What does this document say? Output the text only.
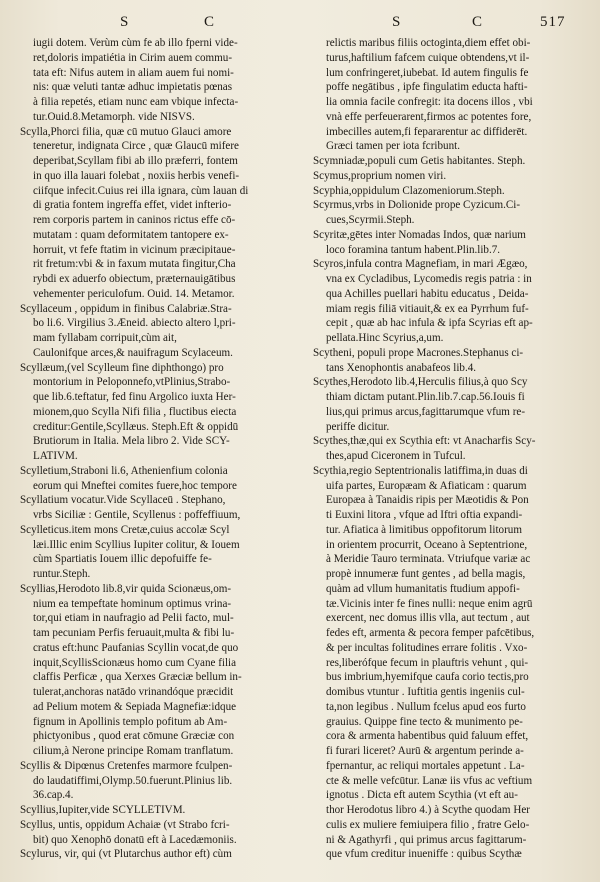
S	C	S	C	517
iugii dotem. Verùm cùm fe ab illo fperni vide-
ret,doloris impatiétia in Cirim auem commu-
tata eft: Nifus autem in aliam auem fui nomi-
nis: quæ veluti tantæ adhuc impietatis pœnas
à filia repetés, etiam nunc eam vbique infecta-
tur.Ouid.8.Metamorph. vide NISVS.
Scylla,Phorci filia, quæ cū mutuo Glauci amore
teneretur, indignata Circe , quæ Glaucū mifere
deperibat,Scyllam fibi ab illo præferri, fontem
in quo illa lauari folebat , noxiis herbis venefi-
ciifque infecit.Cuius rei illa ignara, cùm lauan di
di gratia fontem ingreffa effet, videt infterio-
rem corporis partem in caninos rictus effe cō-
mutatam : quam deformitatem tantopere ex-
horruit, vt fefe ftatim in vicinum præcipitaue-
rit fretum:vbi & in faxum mutata fingitur,Cha
rybdi ex aduerfo obiectum, præternauigātibus
vehementer periculofum. Ouid. 14. Metamor.
Scyllaceum , oppidum in finibus Calabriæ.Stra-
bo li.6. Virgilius 3.Æneid. abiecto altero l,pri-
mam fyllabam corripuit,cùm ait,
Caulonifque arces,& nauifragum Scylaceum.
Scyllæum,(vel Scylleum fine diphthongo) pro
montorium in Peloponnefo,vtPlinius,Strabo-
que lib.6.teftatur, fed finu Argolico iuxta Her-
mionem,quo Scylla Nifi filia , fluctibus eiecta
creditur:Gentile,Scyllæus. Steph.Eft & oppidū
Brutiorum in Italia. Mela libro 2. Vide SCY-
LATIVM.
Scylletium,Straboni li.6, Athenienfium colonia
eorum qui Mneftei comites fuere,hoc tempore
Scyllatium vocatur.Vide Scyllaceū . Stephano,
vrbs Siciliæ : Gentile, Scyllenus : poffeffiuum,
Scylleticus.item mons Cretæ,cuius accolæ Scyl
læi.Illic enim Scyllius Iupiter colitur, & Iouem
cùm Spartiatis Iouem illic depofuiffe fe-
runtur.Steph.
Scyllias,Herodoto lib.8,vir quida Scionæus,om-
nium ea tempeftate hominum optimus vrina-
tor,qui etiam in naufragio ad Pelii facto, mul-
tam pecuniam Perfis feruauit,multa & fibi lu-
cratus eft:hunc Paufanias Scyllin vocat,de quo
inquit,ScyllisScionæus homo cum Cyane filia
claffis Perficæ , qua Xerxes Græciæ bellum in-
tulerat,anchoras natādo vrinandóque præcidit
ad Pelium motem & Sepiada Magnefiæ:idque
fignum in Apollinis templo pofitum ab Am-
phictyonibus , quod erat cōmune Græciæ con
cilium,à Nerone principe Romam tranflatum.
Scyllis & Dipœnus Cretenfes marmore fculpen-
do laudatiffimi,Olymp.50.fuerunt.Plinius lib.
36.cap.4.
Scyllius,Iupiter,vide SCYLLETIVM.
Scyllus, untis, oppidum Achaiæ (vt Strabo fcri-
bit) quo Xenophō donatū eft à Lacedæmoniis.
Scylurus, vir, qui (vt Plutarchus author eft) cùm
relictis maribus filiis octoginta,diem effet obi-
turus,haftilium fafcem cuique obtendens,vt il-
lum confringeret,iubebat. Id autem fingulis fe
poffe negātibus , ipfe fingulatim educta hafti-
lia omnia facile confregit: ita docens illos , vbi
vnà effe perfeuerarent,firmos ac potentes fore,
imbecilles autem,fi fepararentur ac diffiderēt.
Græci tamen per iota fcribunt.
Scymniadæ,populi cum Getis habitantes. Steph.
Scymus,proprium nomen viri.
Scyphia,oppidulum Clazomeniorum.Steph.
Scyrmus,vrbs in Dolionide prope Cyzicum.Ci-
cues,Scyrmii.Steph.
Scyritæ,gētes inter Nomadas Indos, quæ narium
loco foramina tantum habent.Plin.lib.7.
Scyros,infula contra Magnefiam, in mari Ægæo,
vna ex Cycladibus, Lycomedis regis patria : in
qua Achilles puellari habitu educatus , Deida-
miam regis filiā vitiauit,& ex ea Pyrrhum fuf-
cepit , quæ ab hac infula & ipfa Scyrias eft ap-
pellata.Hinc Scyrius,a,um.
Scytheni, populi prope Macrones.Stephanus ci-
tans Xenophontis anabafeos lib.4.
Scythes,Herodoto lib.4,Herculis filius,à quo Scy
thiam dictam putant.Plin.lib.7.cap.56.Iouis fi
lius,qui primus arcus,fagittarumque vfum re-
periffe dicitur.
Scythes,thæ,qui ex Scythia eft: vt Anacharfis Scy-
thes,apud Ciceronem in Tufcul.
Scythia,regio Septentrionalis latiffima,in duas di
uifa partes, Europæam & Afiaticam : quarum
Europæa à Tanaidis ripis per Mæotidis & Pon
ti Euxini litora , vfque ad Iftri oftia expandi-
tur. Afiatica à limitibus oppofitorum litorum
in orientem procurrit, Oceano à Septentrione,
à Meridie Tauro terminata. Vtriufque variæ ac
propè innumeræ funt gentes , ad bella magis,
quàm ad vllum humanitatis ftudium appofi-
tæ.Vicinis inter fe fines nulli: neque enim agrū
exercent, nec domus illis vlla, aut tectum , aut
fedes eft, armenta & pecora femper pafcētibus,
& per incultas folitudines errare folitis . Vxo-
res,liberófque fecum in plauftris vehunt , qui-
bus imbrium,hyemifque caufa corio tectis,pro
domibus vtuntur . Iuftitia gentis ingeniis cul-
ta,non legibus . Nullum fcelus apud eos furto
grauius. Quippe fine tecto & munimento pe-
cora & armenta habentibus quid faluum effet,
fi furari liceret? Aurū & argentum perinde a-
fpernantur, ac reliqui mortales appetunt . La-
cte & melle vefcūtur. Lanæ iis vfus ac veftium
ignotus . Dicta eft autem Scythia (vt eft au-
thor Herodotus libro 4.) à Scythe quodam Her
culis ex muliere femiuipera filio , fratre Gelo-
ni & Agathyrfi , qui primus arcus fagittarum-
que vfum creditur inueniffe : quibus Scythæ
